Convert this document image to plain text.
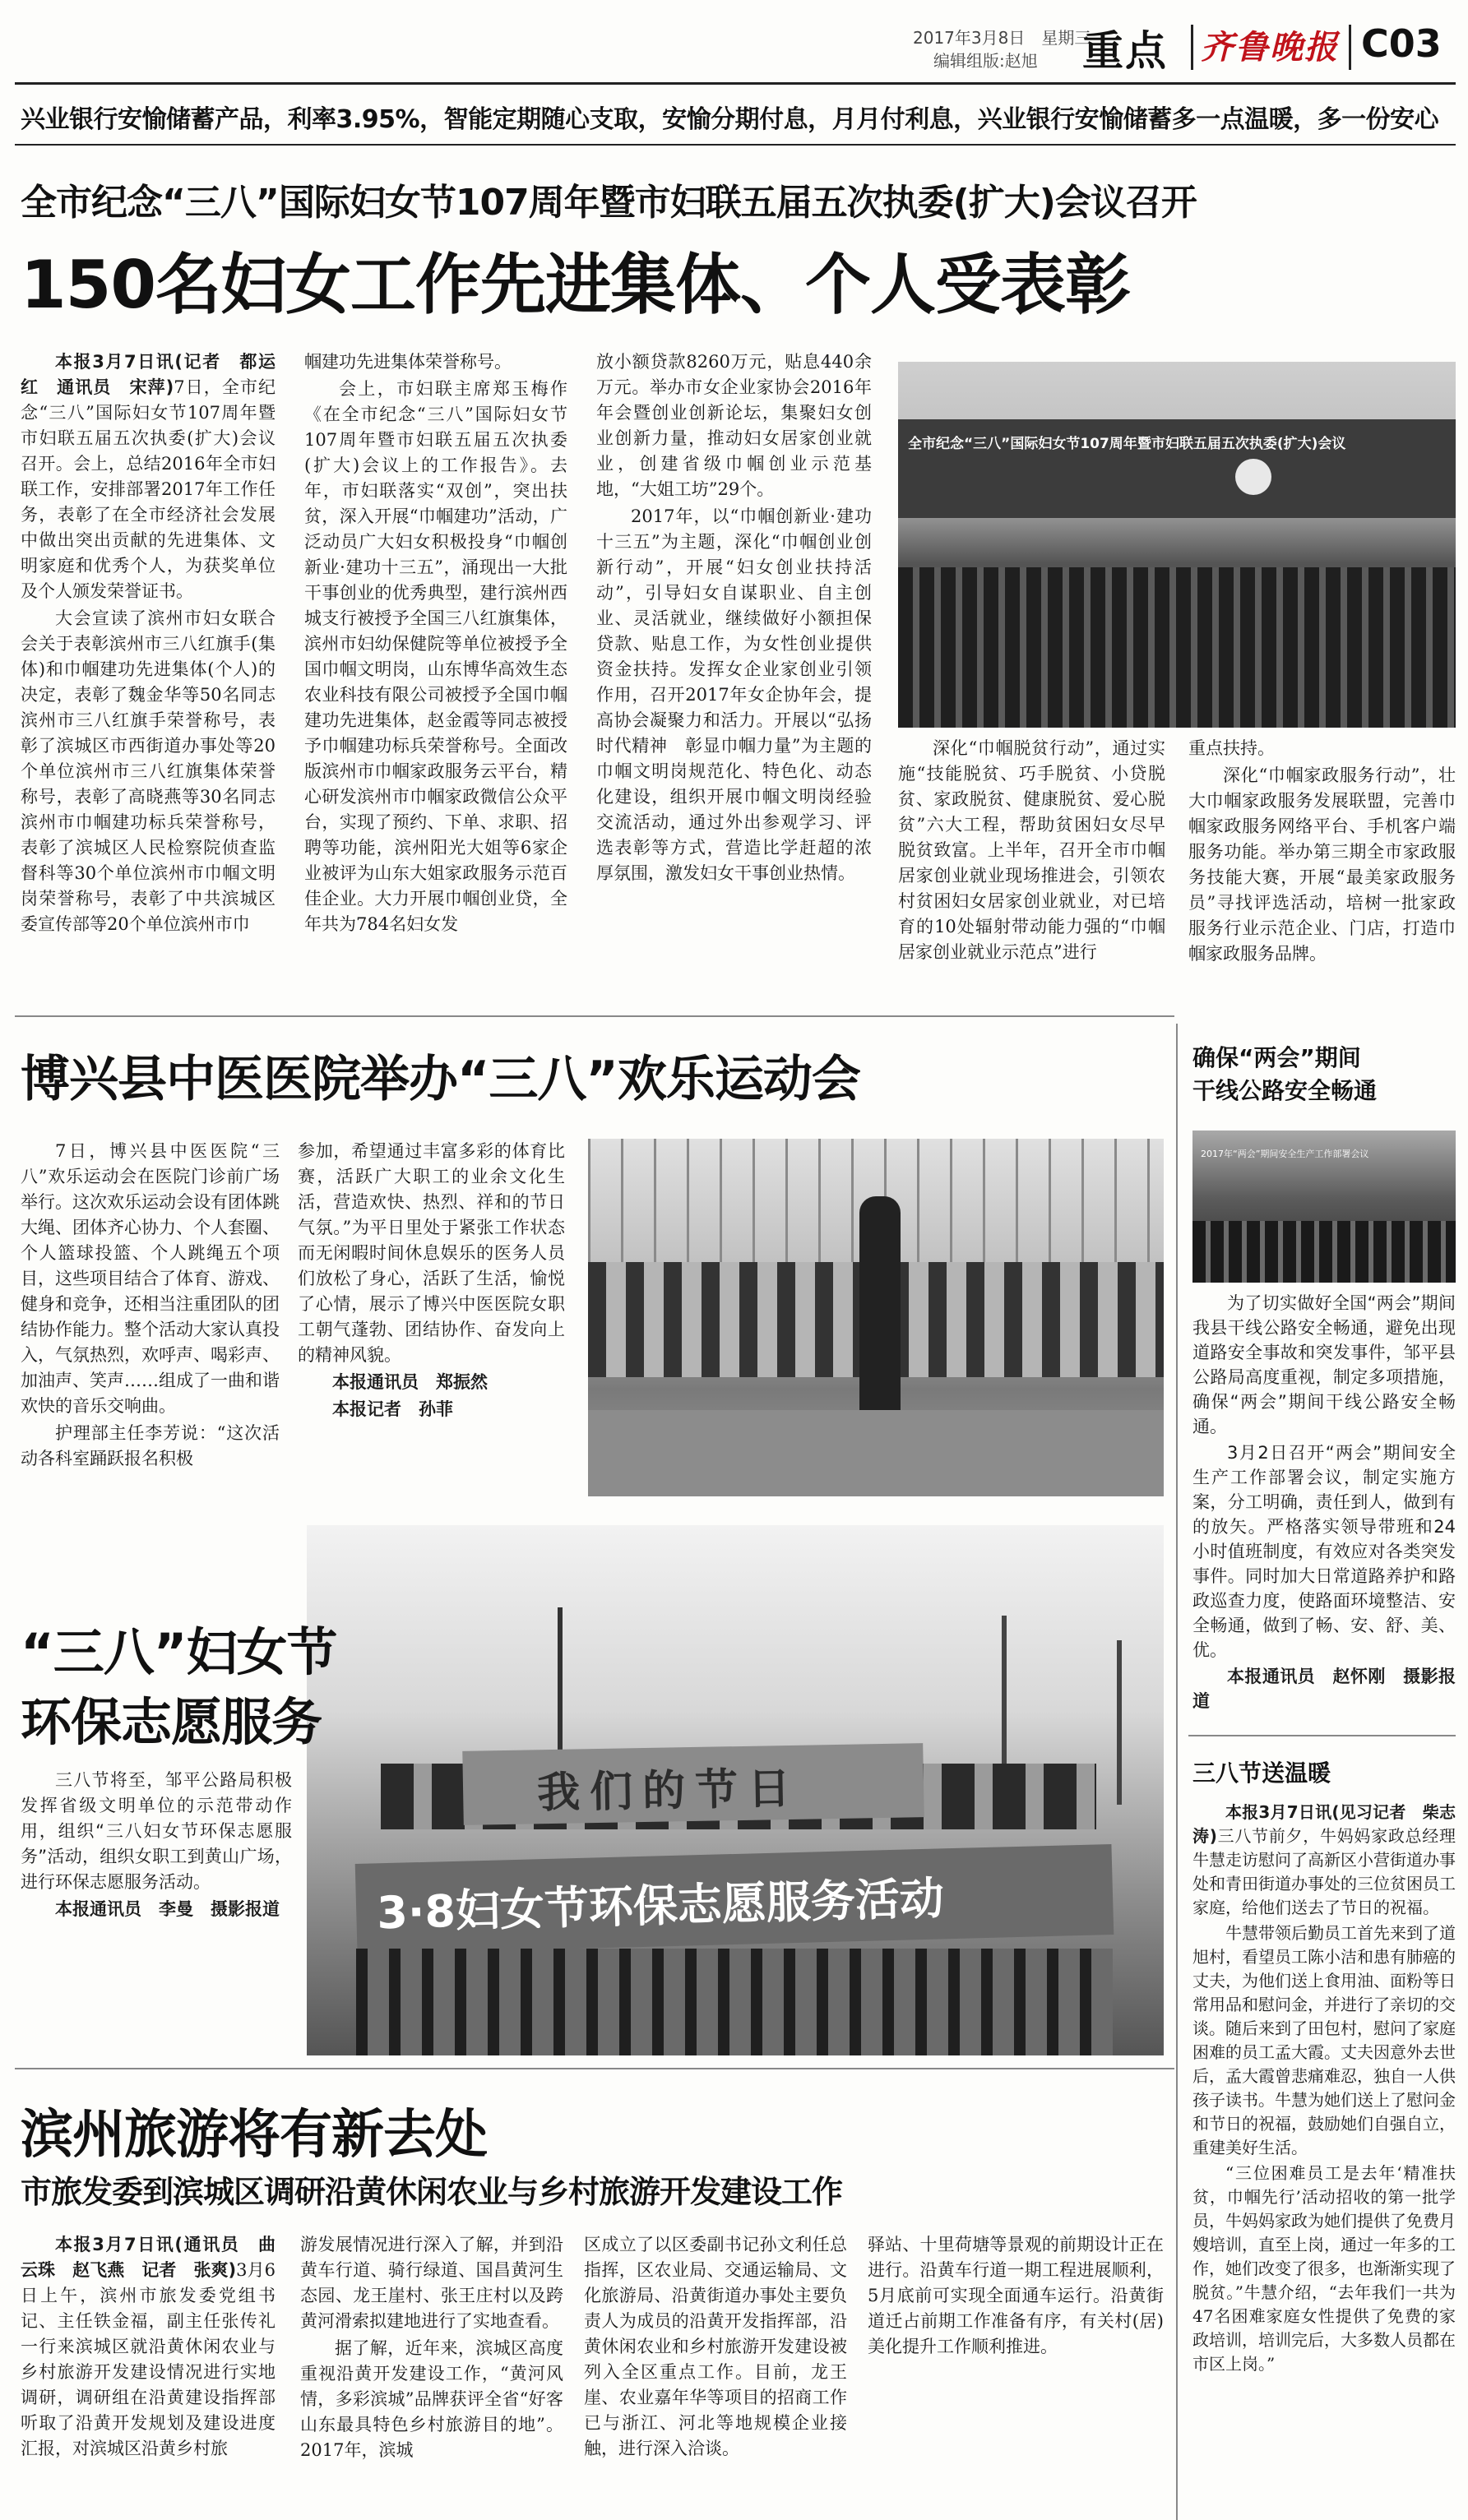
2017年3月8日　星期三
编辑组版:赵旭 重点 齐鲁晚报 C03
兴业银行安愉储蓄产品，利率3.95%，智能定期随心支取，安愉分期付息，月月付利息，兴业银行安愉储蓄多一点温暖，多一份安心
全市纪念“三八”国际妇女节107周年暨市妇联五届五次执委(扩大)会议召开
150名妇女工作先进集体、个人受表彰

本报3月7日讯(记者　都运红　通讯员　宋萍)7日，全市纪念“三八”国际妇女节107周年暨市妇联五届五次执委(扩大)会议召开。会上，总结2016年全市妇联工作，安排部署2017年工作任务，表彰了在全市经济社会发展中做出突出贡献的先进集体、文明家庭和优秀个人，为获奖单位及个人颁发荣誉证书。

大会宣读了滨州市妇女联合会关于表彰滨州市三八红旗手(集体)和巾帼建功先进集体(个人)的决定，表彰了魏金华等50名同志滨州市三八红旗手荣誉称号，表彰了滨城区市西街道办事处等20个单位滨州市三八红旗集体荣誉称号，表彰了高晓燕等30名同志滨州市巾帼建功标兵荣誉称号，表彰了滨城区人民检察院侦查监督科等30个单位滨州市巾帼文明岗荣誉称号，表彰了中共滨城区委宣传部等20个单位滨州市巾

帼建功先进集体荣誉称号。

会上，市妇联主席郑玉梅作《在全市纪念“三八”国际妇女节107周年暨市妇联五届五次执委(扩大)会议上的工作报告》。去年，市妇联落实“双创”，突出扶贫，深入开展“巾帼建功”活动，广泛动员广大妇女积极投身“巾帼创新业·建功十三五”，涌现出一大批干事创业的优秀典型，建行滨州西城支行被授予全国三八红旗集体，滨州市妇幼保健院等单位被授予全国巾帼文明岗，山东博华高效生态农业科技有限公司被授予全国巾帼建功先进集体，赵金霞等同志被授予巾帼建功标兵荣誉称号。全面改版滨州市巾帼家政服务云平台，精心研发滨州市巾帼家政微信公众平台，实现了预约、下单、求职、招聘等功能，滨州阳光大姐等6家企业被评为山东大姐家政服务示范百佳企业。大力开展巾帼创业贷，全年共为784名妇女发

放小额贷款8260万元，贴息440余万元。举办市女企业家协会2016年年会暨创业创新论坛，集聚妇女创业创新力量，推动妇女居家创业就业，创建省级巾帼创业示范基地，“大姐工坊”29个。

2017年，以“巾帼创新业·建功十三五”为主题，深化“巾帼创业创新行动”，开展“妇女创业扶持活动”，引导妇女自谋职业、自主创业、灵活就业，继续做好小额担保贷款、贴息工作，为女性创业提供资金扶持。发挥女企业家创业引领作用，召开2017年女企协年会，提高协会凝聚力和活力。开展以“弘扬时代精神　彰显巾帼力量”为主题的巾帼文明岗规范化、特色化、动态化建设，组织开展巾帼文明岗经验交流活动，通过外出参观学习、评选表彰等方式，营造比学赶超的浓厚氛围，激发妇女干事创业热情。

全市纪念“三八”国际妇女节107周年暨市妇联五届五次执委(扩大)会议

深化“巾帼脱贫行动”，通过实施“技能脱贫、巧手脱贫、小贷脱贫、家政脱贫、健康脱贫、爱心脱贫”六大工程，帮助贫困妇女尽早脱贫致富。上半年，召开全市巾帼居家创业就业现场推进会，引领农村贫困妇女居家创业就业，对已培育的10处辐射带动能力强的“巾帼居家创业就业示范点”进行

重点扶持。

深化“巾帼家政服务行动”，壮大巾帼家政服务发展联盟，完善巾帼家政服务网络平台、手机客户端服务功能。举办第三期全市家政服务技能大赛，开展“最美家政服务员”寻找评选活动，培树一批家政服务行业示范企业、门店，打造巾帼家政服务品牌。

博兴县中医医院举办“三八”欢乐运动会

7日，博兴县中医医院“三八”欢乐运动会在医院门诊前广场举行。这次欢乐运动会设有团体跳大绳、团体齐心协力、个人套圈、个人篮球投篮、个人跳绳五个项目，这些项目结合了体育、游戏、健身和竞争，还相当注重团队的团结协作能力。整个活动大家认真投入，气氛热烈，欢呼声、喝彩声、加油声、笑声……组成了一曲和谐欢快的音乐交响曲。

护理部主任李芳说：“这次活动各科室踊跃报名积极

参加，希望通过丰富多彩的体育比赛，活跃广大职工的业余文化生活，营造欢快、热烈、祥和的节日气氛。”为平日里处于紧张工作状态而无闲暇时间休息娱乐的医务人员们放松了身心，活跃了生活，愉悦了心情，展示了博兴中医医院女职工朝气蓬勃、团结协作、奋发向上的精神风貌。

本报通讯员　郑振然

本报记者　孙菲

我们的节日
3·8妇女节环保志愿服务活动
“三八”妇女节
环保志愿服务

三八节将至，邹平公路局积极发挥省级文明单位的示范带动作用，组织“三八妇女节环保志愿服务”活动，组织女职工到黄山广场，进行环保志愿服务活动。

本报通讯员　李曼　摄影报道

确保“两会”期间
干线公路安全畅通
2017年“两会”期间安全生产工作部署会议

为了切实做好全国“两会”期间我县干线公路安全畅通，避免出现道路安全事故和突发事件，邹平县公路局高度重视，制定多项措施，确保“两会”期间干线公路安全畅通。

3月2日召开“两会”期间安全生产工作部署会议，制定实施方案，分工明确，责任到人，做到有的放矢。严格落实领导带班和24小时值班制度，有效应对各类突发事件。同时加大日常道路养护和路政巡查力度，使路面环境整洁、安全畅通，做到了畅、安、舒、美、优。

本报通讯员　赵怀刚　摄影报道

三八节送温暖

本报3月7日讯(见习记者　柴志涛)三八节前夕，牛妈妈家政总经理牛慧走访慰问了高新区小营街道办事处和青田街道办事处的三位贫困员工家庭，给他们送去了节日的祝福。

牛慧带领后勤员工首先来到了道旭村，看望员工陈小洁和患有肺癌的丈夫，为他们送上食用油、面粉等日常用品和慰问金，并进行了亲切的交谈。随后来到了田包村，慰问了家庭困难的员工孟大霞。丈夫因意外去世后，孟大霞曾悲痛难忍，独自一人供孩子读书。牛慧为她们送上了慰问金和节日的祝福，鼓励她们自强自立，重建美好生活。

“三位困难员工是去年‘精准扶贫，巾帼先行’活动招收的第一批学员，牛妈妈家政为她们提供了免费月嫂培训，直至上岗，通过一年多的工作，她们改变了很多，也渐渐实现了脱贫。”牛慧介绍，“去年我们一共为47名困难家庭女性提供了免费的家政培训，培训完后，大多数人员都在市区上岗。”

滨州旅游将有新去处
市旅发委到滨城区调研沿黄休闲农业与乡村旅游开发建设工作

本报3月7日讯(通讯员　曲云珠　赵飞燕　记者　张爽)3月6日上午，滨州市旅发委党组书记、主任铁金福，副主任张传礼一行来滨城区就沿黄休闲农业与乡村旅游开发建设情况进行实地调研，调研组在沿黄建设指挥部听取了沿黄开发规划及建设进度汇报，对滨城区沿黄乡村旅

游发展情况进行深入了解，并到沿黄车行道、骑行绿道、国昌黄河生态园、龙王崖村、张王庄村以及跨黄河滑索拟建地进行了实地查看。

据了解，近年来，滨城区高度重视沿黄开发建设工作，“黄河风情，多彩滨城”品牌获评全省“好客山东最具特色乡村旅游目的地”。2017年，滨城

区成立了以区委副书记孙文利任总指挥，区农业局、交通运输局、文化旅游局、沿黄街道办事处主要负责人为成员的沿黄开发指挥部，沿黄休闲农业和乡村旅游开发建设被列入全区重点工作。目前，龙王崖、农业嘉年华等项目的招商工作已与浙江、河北等地规模企业接触，进行深入洽谈。

驿站、十里荷塘等景观的前期设计正在进行。沿黄车行道一期工程进展顺利，5月底前可实现全面通车运行。沿黄街道迁占前期工作准备有序，有关村(居)美化提升工作顺利推进。
